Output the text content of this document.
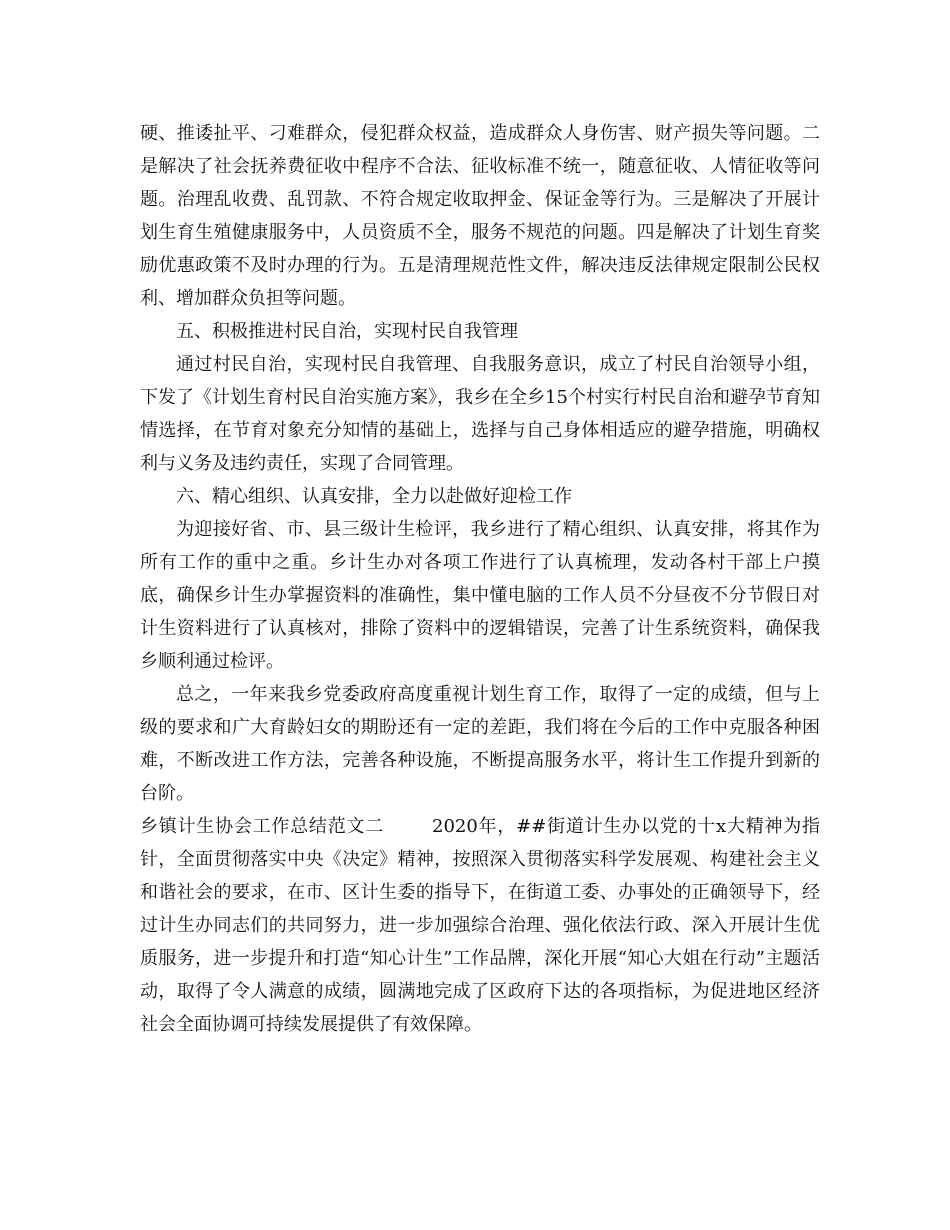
硬、推诿扯平、刁难群众，侵犯群众权益，造成群众人身伤害、财产损失等问题。二是解决了社会抚养费征收中程序不合法、征收标准不统一，随意征收、人情征收等问题。治理乱收费、乱罚款、不符合规定收取押金、保证金等行为。三是解决了开展计划生育生殖健康服务中，人员资质不全，服务不规范的问题。四是解决了计划生育奖励优惠政策不及时办理的行为。五是清理规范性文件，解决违反法律规定限制公民权利、增加群众负担等问题。

五、积极推进村民自治，实现村民自我管理

通过村民自治，实现村民自我管理、自我服务意识，成立了村民自治领导小组，下发了《计划生育村民自治实施方案》，我乡在全乡15个村实行村民自治和避孕节育知情选择，在节育对象充分知情的基础上，选择与自己身体相适应的避孕措施，明确权利与义务及违约责任，实现了合同管理。

六、精心组织、认真安排，全力以赴做好迎检工作

为迎接好省、市、县三级计生检评，我乡进行了精心组织、认真安排，将其作为所有工作的重中之重。乡计生办对各项工作进行了认真梳理，发动各村干部上户摸底，确保乡计生办掌握资料的准确性，集中懂电脑的工作人员不分昼夜不分节假日对计生资料进行了认真核对，排除了资料中的逻辑错误，完善了计生系统资料，确保我乡顺利通过检评。

总之，一年来我乡党委政府高度重视计划生育工作，取得了一定的成绩，但与上级的要求和广大育龄妇女的期盼还有一定的差距，我们将在今后的工作中克服各种困难，不断改进工作方法，完善各种设施，不断提高服务水平，将计生工作提升到新的台阶。

乡镇计生协会工作总结范文二	2020年，##街道计生办以党的十x大精神为指针，全面贯彻落实中央《决定》精神，按照深入贯彻落实科学发展观、构建社会主义和谐社会的要求，在市、区计生委的指导下，在街道工委、办事处的正确领导下，经过计生办同志们的共同努力，进一步加强综合治理、强化依法行政、深入开展计生优质服务，进一步提升和打造“知心计生”工作品牌，深化开展“知心大姐在行动”主题活动，取得了令人满意的成绩，圆满地完成了区政府下达的各项指标，为促进地区经济社会全面协调可持续发展提供了有效保障。
